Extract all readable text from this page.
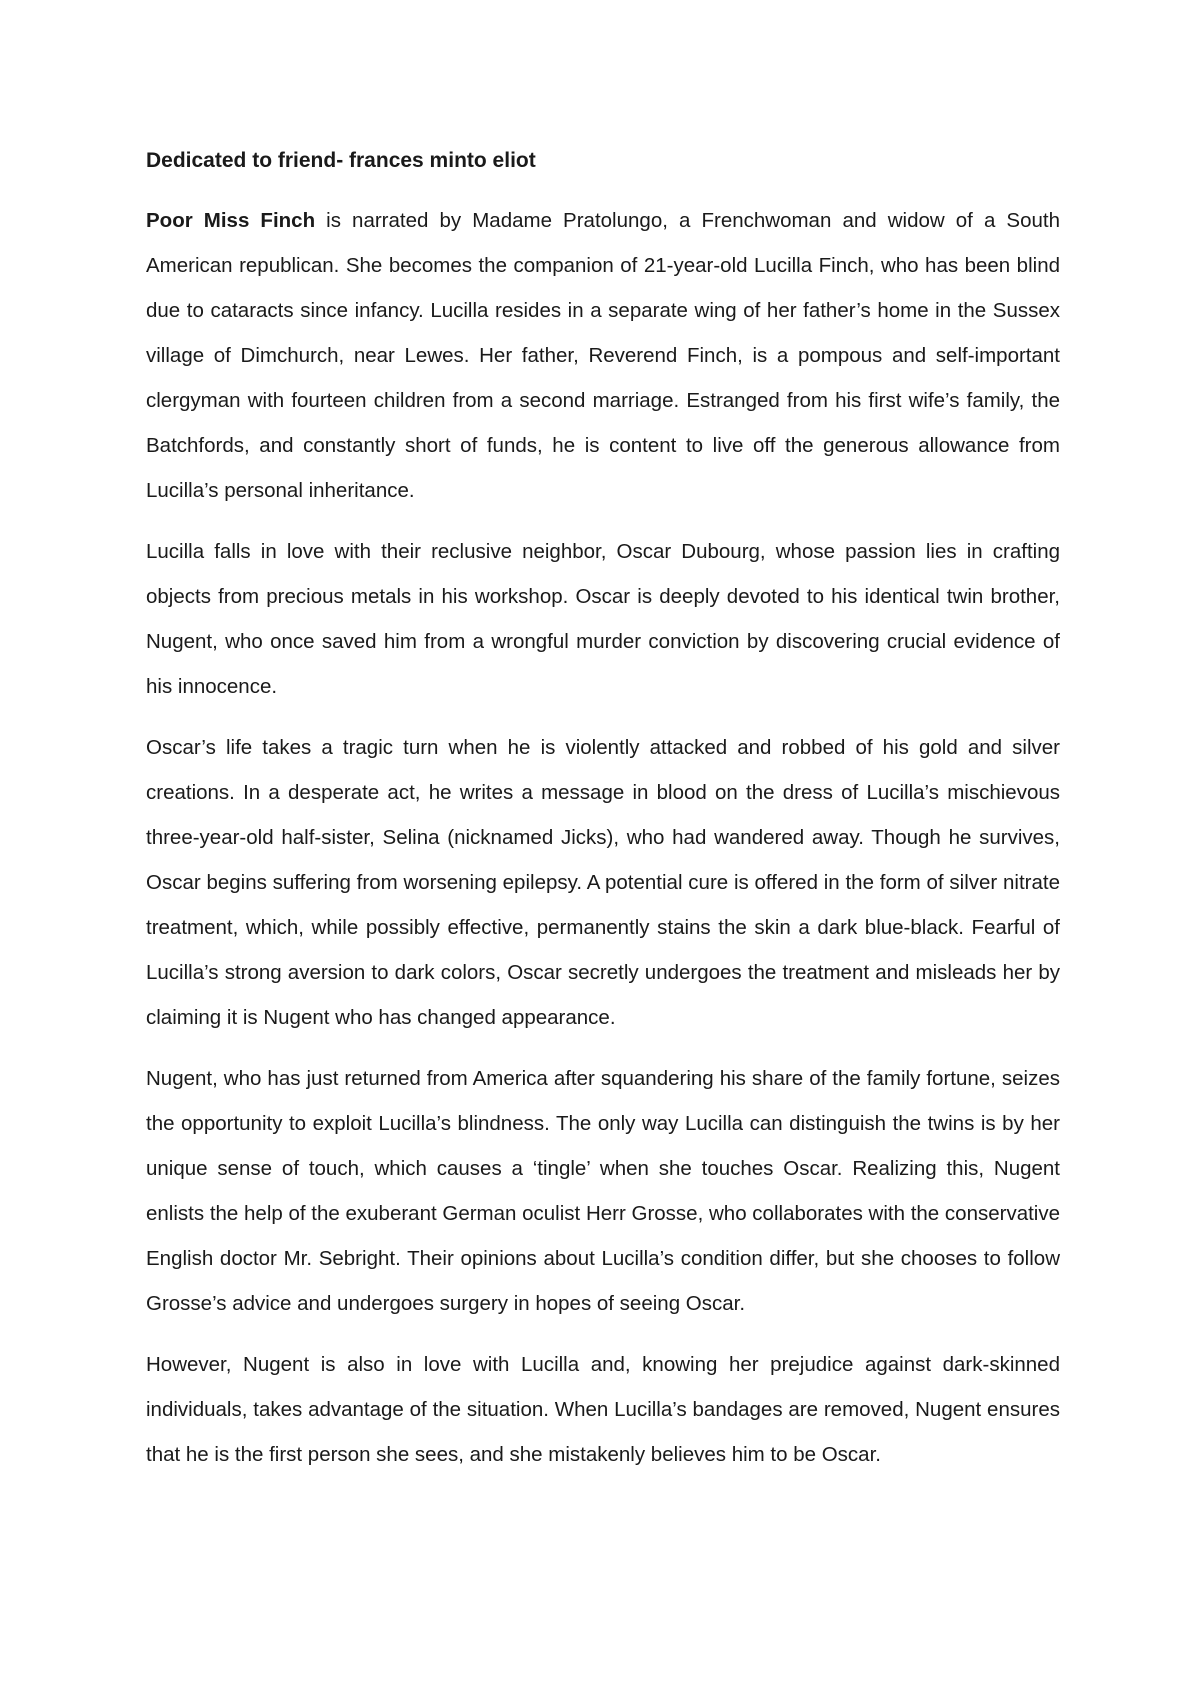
Dedicated to friend- frances minto eliot

Poor Miss Finch is narrated by Madame Pratolungo, a Frenchwoman and widow of a South American republican. She becomes the companion of 21-year-old Lucilla Finch, who has been blind due to cataracts since infancy. Lucilla resides in a separate wing of her father’s home in the Sussex village of Dimchurch, near Lewes. Her father, Reverend Finch, is a pompous and self-important clergyman with fourteen children from a second marriage. Estranged from his first wife’s family, the Batchfords, and constantly short of funds, he is content to live off the generous allowance from Lucilla’s personal inheritance.

Lucilla falls in love with their reclusive neighbor, Oscar Dubourg, whose passion lies in crafting objects from precious metals in his workshop. Oscar is deeply devoted to his identical twin brother, Nugent, who once saved him from a wrongful murder conviction by discovering crucial evidence of his innocence.

Oscar’s life takes a tragic turn when he is violently attacked and robbed of his gold and silver creations. In a desperate act, he writes a message in blood on the dress of Lucilla’s mischievous three-year-old half-sister, Selina (nicknamed Jicks), who had wandered away. Though he survives, Oscar begins suffering from worsening epilepsy. A potential cure is offered in the form of silver nitrate treatment, which, while possibly effective, permanently stains the skin a dark blue-black. Fearful of Lucilla’s strong aversion to dark colors, Oscar secretly undergoes the treatment and misleads her by claiming it is Nugent who has changed appearance.

Nugent, who has just returned from America after squandering his share of the family fortune, seizes the opportunity to exploit Lucilla’s blindness. The only way Lucilla can distinguish the twins is by her unique sense of touch, which causes a ‘tingle’ when she touches Oscar. Realizing this, Nugent enlists the help of the exuberant German oculist Herr Grosse, who collaborates with the conservative English doctor Mr. Sebright. Their opinions about Lucilla’s condition differ, but she chooses to follow Grosse’s advice and undergoes surgery in hopes of seeing Oscar.

However, Nugent is also in love with Lucilla and, knowing her prejudice against dark-skinned individuals, takes advantage of the situation. When Lucilla’s bandages are removed, Nugent ensures that he is the first person she sees, and she mistakenly believes him to be Oscar.
